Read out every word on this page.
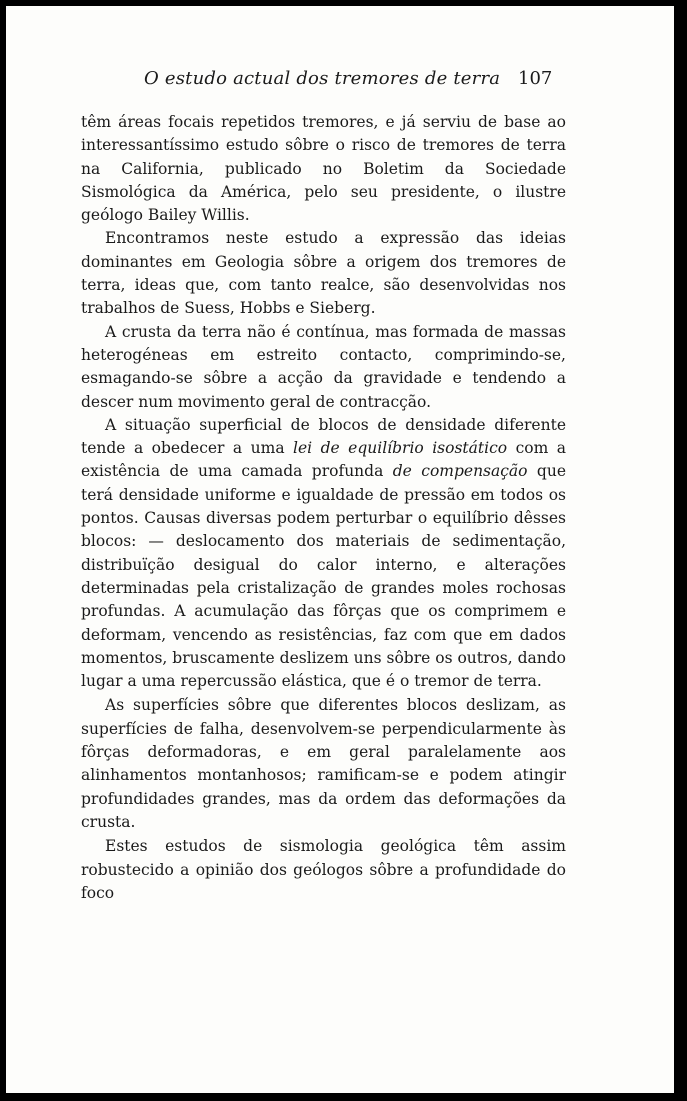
O estudo actual dos tremores de terra 107

têm áreas focais repetidos tremores, e já serviu de base ao interessantíssimo estudo sôbre o risco de tremores de terra na California, publicado no Boletim da Sociedade Sismológica da América, pelo seu presidente, o ilustre geólogo Bailey Willis.

Encontramos neste estudo a expressão das ideias dominantes em Geologia sôbre a origem dos tremores de terra, ideas que, com tanto realce, são desenvolvidas nos trabalhos de Suess, Hobbs e Sieberg.

A crusta da terra não é contínua, mas formada de massas heterogéneas em estreito contacto, comprimindo-se, esmagando-se sôbre a acção da gravidade e tendendo a descer num movimento geral de contracção.

A situação superficial de blocos de densidade diferente tende a obedecer a uma lei de equilíbrio isostático com a existência de uma camada profunda de compensação que terá densidade uniforme e igualdade de pressão em todos os pontos. Causas diversas podem perturbar o equilíbrio dêsses blocos: — deslocamento dos materiais de sedimentação, distribuïção desigual do calor interno, e alterações determinadas pela cristalização de grandes moles rochosas profundas. A acumulação das fôrças que os comprimem e deformam, vencendo as resistências, faz com que em dados momentos, bruscamente deslizem uns sôbre os outros, dando lugar a uma repercussão elástica, que é o tremor de terra.

As superfícies sôbre que diferentes blocos deslizam, as superfícies de falha, desenvolvem-se perpendicularmente às fôrças deformadoras, e em geral paralelamente aos alinhamentos montanhosos; ramificam-se e podem atingir profundidades grandes, mas da ordem das deformações da crusta.

Estes estudos de sismologia geológica têm assim robustecido a opinião dos geólogos sôbre a profundidade do foco
